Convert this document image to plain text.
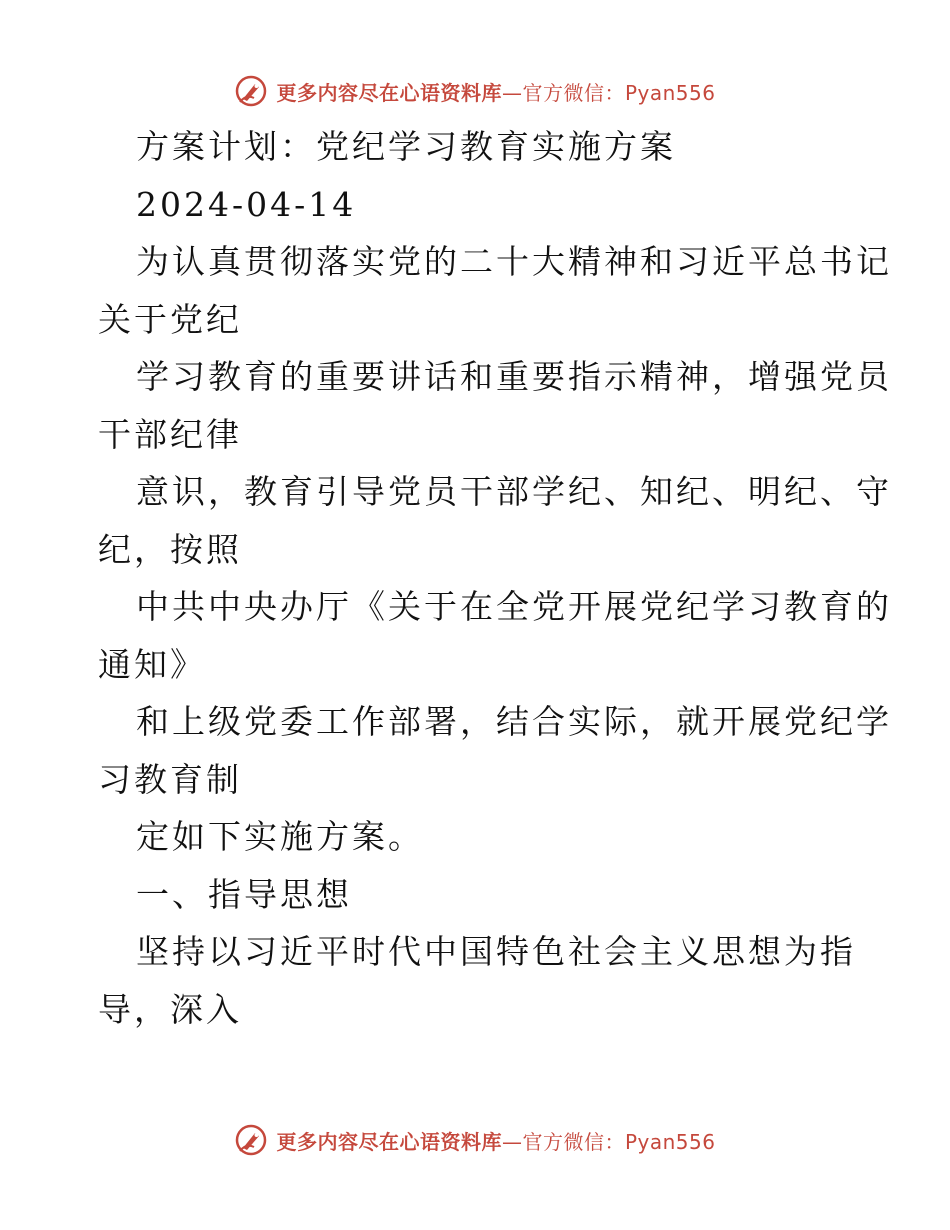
更多内容尽在心语资料库—官方微信：Pyan556
方案计划：党纪学习教育实施方案
2024-04-14
为认真贯彻落实党的二十大精神和习近平总书记
关于党纪
学习教育的重要讲话和重要指示精神，增强党员
干部纪律
意识，教育引导党员干部学纪、知纪、明纪、守
纪，按照
中共中央办厅《关于在全党开展党纪学习教育的
通知》
和上级党委工作部署，结合实际，就开展党纪学
习教育制
定如下实施方案。
一、指导思想
坚持以习近平时代中国特色社会主义思想为指
导，深入
更多内容尽在心语资料库—官方微信：Pyan556
